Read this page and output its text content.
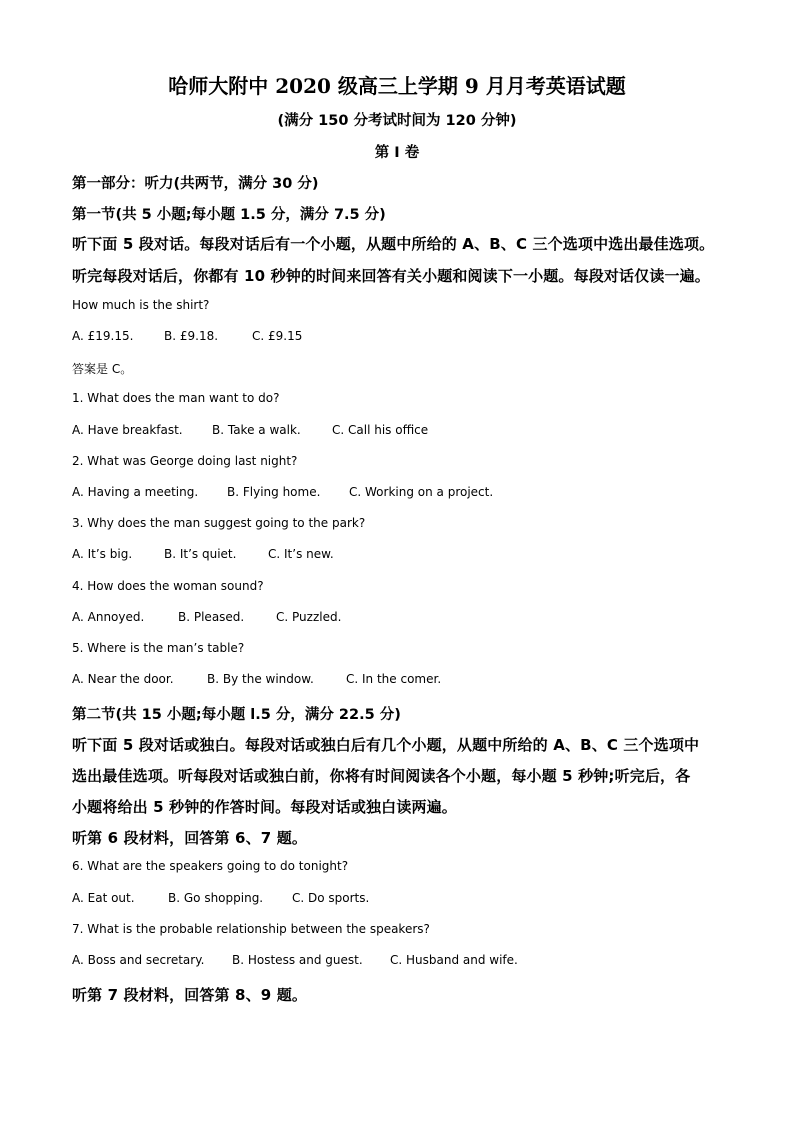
哈师大附中 2020 级高三上学期 9 月月考英语试题
(满分 150 分考试时间为 120 分钟)
第 I 卷
第一部分：听力(共两节，满分 30 分)
第一节(共 5 小题;每小题 1.5 分，满分 7.5 分)
听下面 5 段对话。每段对话后有一个小题，从题中所给的 A、B、C 三个选项中选出最佳选项。
听完每段对话后，你都有 10 秒钟的时间来回答有关小题和阅读下一小题。每段对话仅读一遍。
How much is the shirt?
A. £19.15.	B. £9.18.	C. £9.15
答案是 C。
1. What does the man want to do?
A. Have breakfast. B. Take a walk.	C. Call his office
2. What was George doing last night?
A. Having a meeting. B. Flying home. C. Working on a project.
3. Why does the man suggest going to the park?
A. It’s big.	B. It’s quiet.	C. It’s new.
4. How does the woman sound?
A. Annoyed.	B. Pleased.	C. Puzzled.
5. Where is the man’s table?
A. Near the door.	B. By the window.	C. In the comer.
第二节(共 15 小题;每小题 l.5 分，满分 22.5 分)
听下面 5 段对话或独白。每段对话或独白后有几个小题，从题中所给的 A、B、C 三个选项中
选出最佳选项。听每段对话或独白前，你将有时间阅读各个小题，每小题 5 秒钟;听完后，各
小题将给出 5 秒钟的作答时间。每段对话或独白读两遍。
听第 6 段材料，回答第 6、7 题。
6. What are the speakers going to do tonight?
A. Eat out.	B. Go shopping. C. Do sports.
7. What is the probable relationship between the speakers?
A. Boss and secretary. B. Hostess and guest. C. Husband and wife.
听第 7 段材料，回答第 8、9 题。
